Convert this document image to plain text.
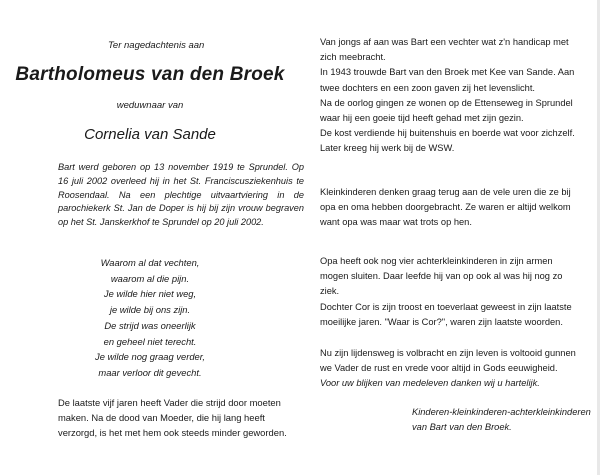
Ter nagedachtenis aan
Bartholomeus van den Broek
weduwnaar van
Cornelia van Sande
Bart werd geboren op 13 november 1919 te Sprundel. Op 16 juli 2002 overleed hij in het St. Franciscusziekenhuis te Roosendaal. Na een plechtige uitvaartviering in de parochiekerk St. Jan de Doper is hij bij zijn vrouw begraven op het St. Janskerkhof te Sprundel op 20 juli 2002.
Waarom al dat vechten,
waarom al die pijn.
Je wilde hier niet weg,
je wilde bij ons zijn.
De strijd was oneerlijk
en geheel niet terecht.
Je wilde nog graag verder,
maar verloor dit gevecht.
De laatste vijf jaren heeft Vader die strijd door moeten maken. Na de dood van Moeder, die hij lang heeft verzorgd, is het met hem ook steeds minder geworden.
Van jongs af aan was Bart een vechter wat z'n handicap met zich meebracht.
In 1943 trouwde Bart van den Broek met Kee van Sande. Aan twee dochters en een zoon gaven zij het levenslicht.
Na de oorlog gingen ze wonen op de Ettenseweg in Sprundel waar hij een goeie tijd heeft gehad met zijn gezin.
De kost verdiende hij buitenshuis en boerde wat voor zichzelf. Later kreeg hij werk bij de WSW.
Kleinkinderen denken graag terug aan de vele uren die ze bij opa en oma hebben doorgebracht. Ze waren er altijd welkom want opa was maar wat trots op hen.
Opa heeft ook nog vier achterkleinkinderen in zijn armen mogen sluiten. Daar leefde hij van op ook al was hij nog zo ziek.
Dochter Cor is zijn troost en toeverlaat geweest in zijn laatste moeilijke jaren. "Waar is Cor?", waren zijn laatste woorden.
Nu zijn lijdensweg is volbracht en zijn leven is voltooid gunnen we Vader de rust en vrede voor altijd in Gods eeuwigheid.
Voor uw blijken van medeleven danken wij u hartelijk.
Kinderen-kleinkinderen-achterkleinkinderen
van Bart van den Broek.
